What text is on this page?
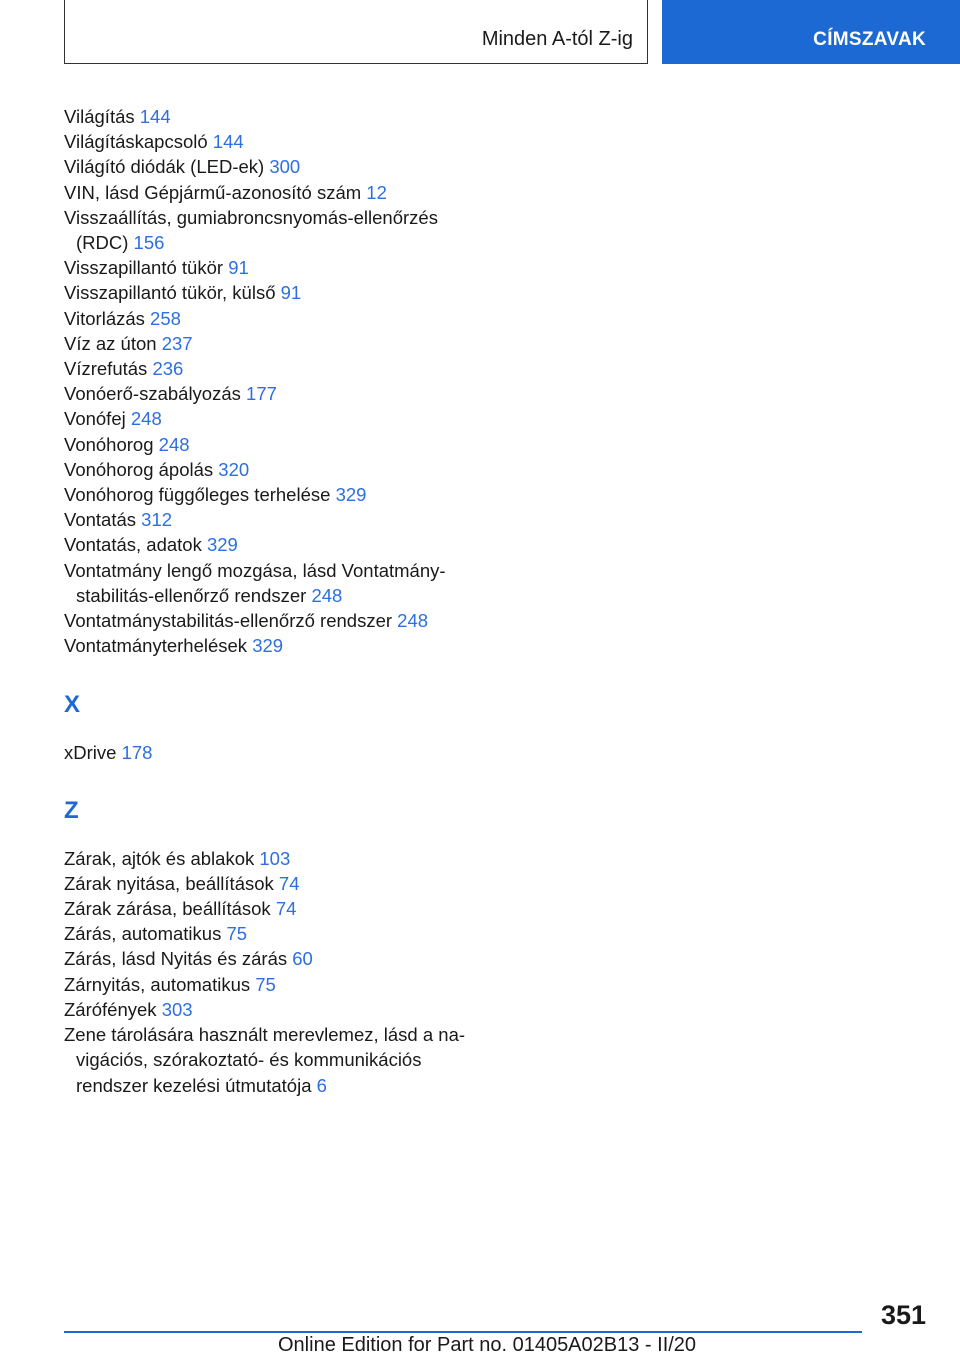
Minden A-tól Z-ig	CÍMSZAVAK
Világítás 144
Világításkapcsoló 144
Világító diódák (LED-ek) 300
VIN, lásd Gépjármű-azonosító szám 12
Visszaállítás, gumiabroncsnyomás-ellenőrzés
(RDC) 156
Visszapillantó tükör 91
Visszapillantó tükör, külső 91
Vitorlázás 258
Víz az úton 237
Vízrefutás 236
Vonóerő-szabályozás 177
Vonófej 248
Vonóhorog 248
Vonóhorog ápolás 320
Vonóhorog függőleges terhelése 329
Vontatás 312
Vontatás, adatok 329
Vontatmány lengő mozgása, lásd Vontatmány-
stabilitás-ellenőrző rendszer 248
Vontatmánystabilitás-ellenőrző rendszer 248
Vontatmányterhelések 329
X
xDrive 178
Z
Zárak, ajtók és ablakok 103
Zárak nyitása, beállítások 74
Zárak zárása, beállítások 74
Zárás, automatikus 75
Zárás, lásd Nyitás és zárás 60
Zárnyitás, automatikus 75
Zárófények 303
Zene tárolására használt merevlemez, lásd a na-
vigációs, szórakoztató- és kommunikációs
rendszer kezelési útmutatója 6
351
Online Edition for Part no. 01405A02B13 - II/20
